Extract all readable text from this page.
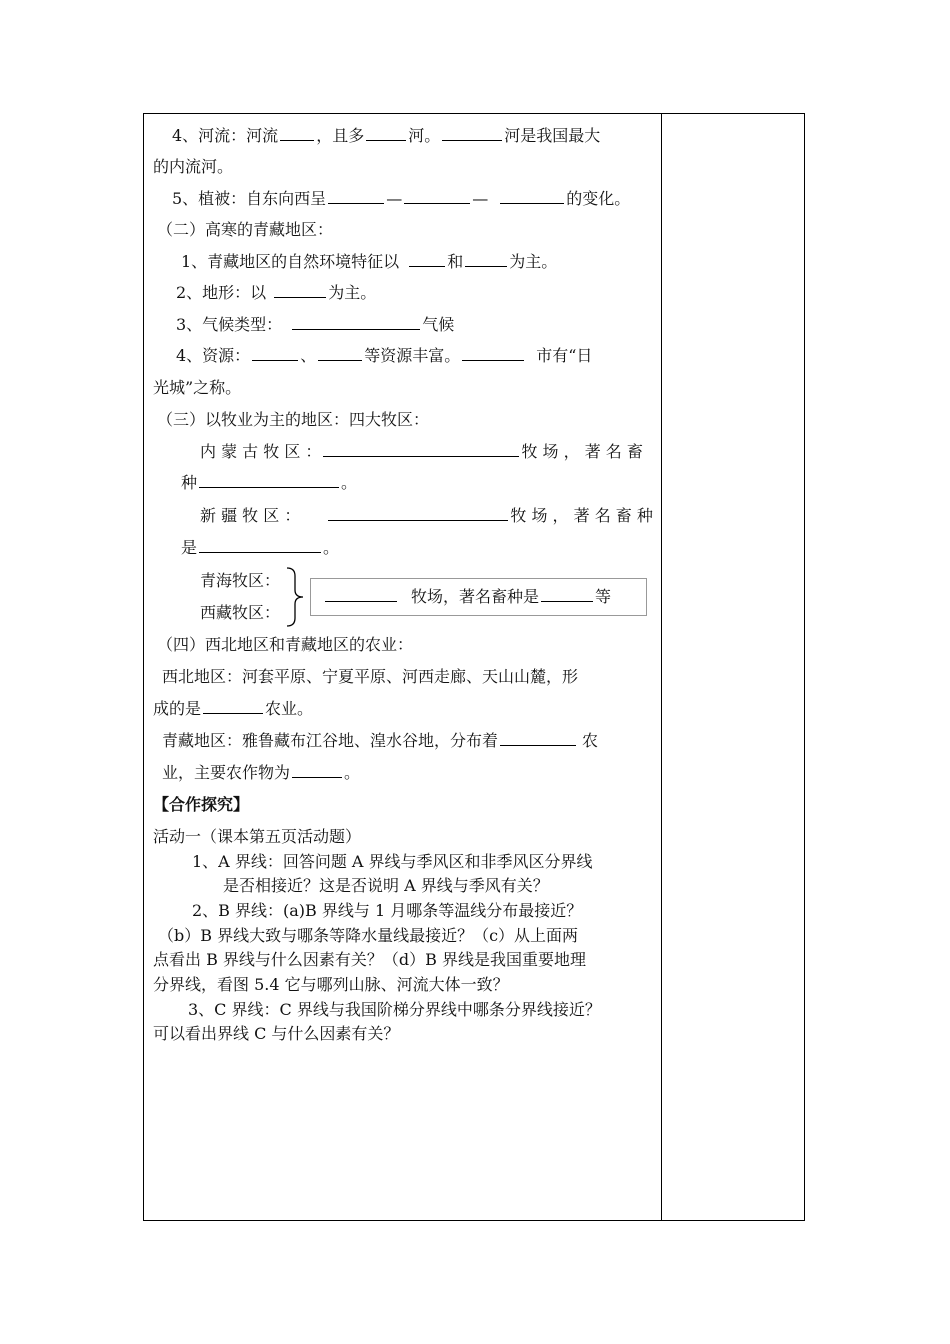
4、河流：河流 ，且多	河。	河是我国最大
的内流河。
5、植被：自东向西呈	—	—	的变化。
（二）高寒的青藏地区：
1、青藏地区的自然环境特征以	和	为主。
2、地形：以	为主。
3、气候类型：	气候
4、资源：	、	等资源丰富。	市有“日
光城”之称。
（三）以牧业为主的地区：四大牧区：
内 蒙 古 牧 区 ：	牧 场 ， 著 名 畜
种	。
新 疆 牧 区 ：	牧 场 ， 著 名 畜 种
是	。
青海牧区：
西藏牧区：
牧场，著名畜种是	等
（四）西北地区和青藏地区的农业：
西北地区：河套平原、宁夏平原、河西走廊、天山山麓，形
成的是	农业。
青藏地区：雅鲁藏布江谷地、湟水谷地，分布着	农
业，主要农作物为	。
【合作探究】
活动一（课本第五页活动题）
1、A 界线：回答问题 A 界线与季风区和非季风区分界线
是否相接近？这是否说明 A 界线与季风有关？
2、B 界线：(a)B 界线与 1 月哪条等温线分布最接近？
（b）B 界线大致与哪条等降水量线最接近？（c）从上面两
点看出 B 界线与什么因素有关？（d）B 界线是我国重要地理
分界线，看图 5.4 它与哪列山脉、河流大体一致？
3、C 界线：C 界线与我国阶梯分界线中哪条分界线接近？
可以看出界线 C 与什么因素有关？
